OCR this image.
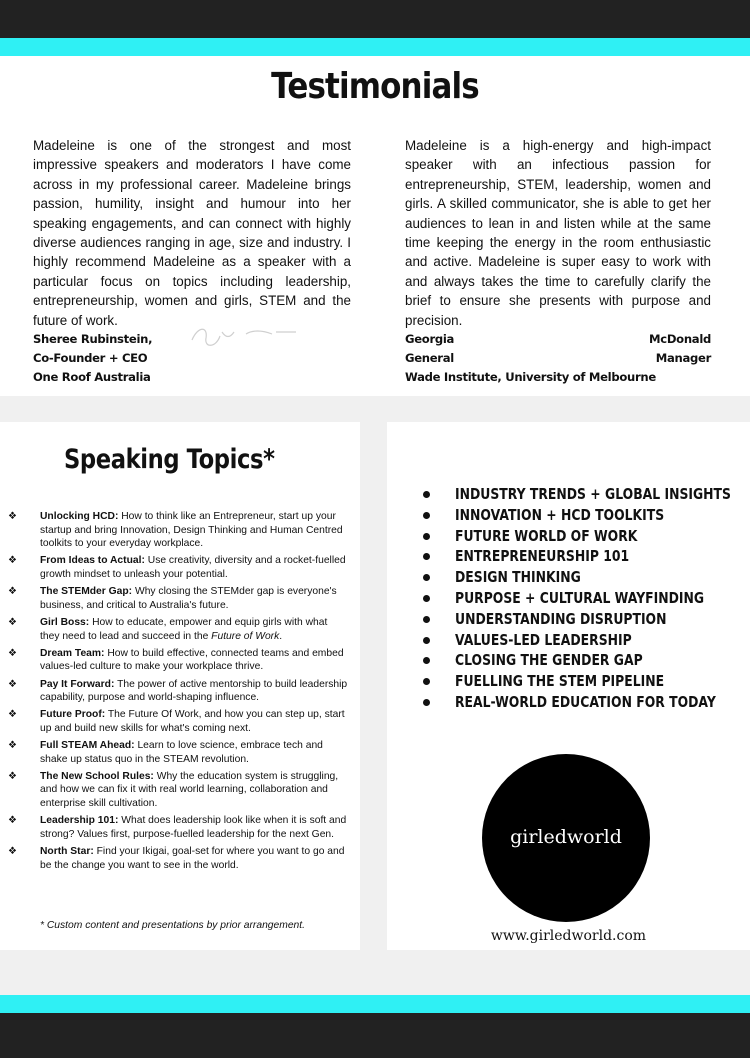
Testimonials
Madeleine is one of the strongest and most impressive speakers and moderators I have come across in my professional career. Madeleine brings passion, humility, insight and humour into her speaking engagements, and can connect with highly diverse audiences ranging in age, size and industry. I highly recommend Madeleine as a speaker with a particular focus on topics including leadership, entrepreneurship, women and girls, STEM and the future of work.
Sheree Rubinstein,
Co-Founder + CEO
One Roof Australia
Madeleine is a high-energy and high-impact speaker with an infectious passion for entrepreneurship, STEM, leadership, women and girls. A skilled communicator, she is able to get her audiences to lean in and listen while at the same time keeping the energy in the room enthusiastic and active. Madeleine is super easy to work with and always takes the time to carefully clarify the brief to ensure she presents with purpose and precision.
Georgia	McDonald
General	Manager
Wade Institute, University of Melbourne
Speaking Topics*
❖ Unlocking HCD: How to think like an Entrepreneur, start up your startup and bring Innovation, Design Thinking and Human Centred toolkits to your everyday workplace.
❖ From Ideas to Actual: Use creativity, diversity and a rocket-fuelled growth mindset to unleash your potential.
❖ The STEMder Gap: Why closing the STEMder gap is everyone's business, and critical to Australia's future.
❖ Girl Boss: How to educate, empower and equip girls with what they need to lead and succeed in the Future of Work.
❖ Dream Team: How to build effective, connected teams and embed values-led culture to make your workplace thrive.
❖ Pay It Forward: The power of active mentorship to build leadership capability, purpose and world-shaping influence.
❖ Future Proof: The Future Of Work, and how you can step up, start up and build new skills for what's coming next.
❖ Full STEAM Ahead: Learn to love science, embrace tech and shake up status quo in the STEAM revolution.
❖ The New School Rules: Why the education system is struggling, and how we can fix it with real world learning, collaboration and enterprise skill cultivation.
❖ Leadership 101: What does leadership look like when it is soft and strong? Values first, purpose-fuelled leadership for the next Gen.
❖ North Star: Find your Ikigai, goal-set for where you want to go and be the change you want to see in the world.
* Custom content and presentations by prior arrangement.
INDUSTRY TRENDS + GLOBAL INSIGHTS
INNOVATION + HCD TOOLKITS
FUTURE WORLD OF WORK
ENTREPRENEURSHIP 101
DESIGN THINKING
PURPOSE + CULTURAL WAYFINDING
UNDERSTANDING DISRUPTION
VALUES-LED LEADERSHIP
CLOSING THE GENDER GAP
FUELLING THE STEM PIPELINE
REAL-WORLD EDUCATION FOR TODAY
girledworld
www.girledworld.com
